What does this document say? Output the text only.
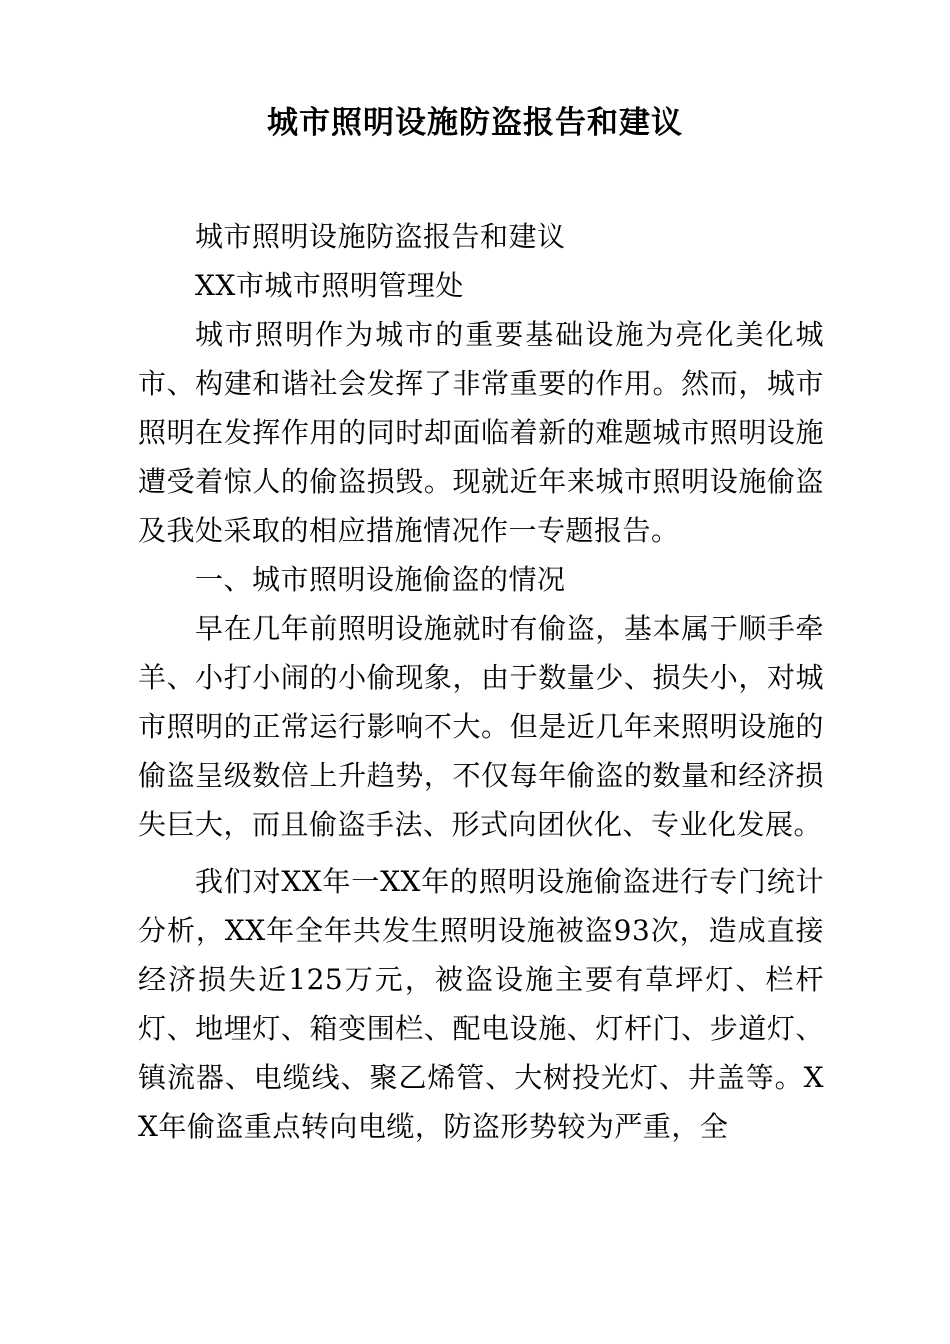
城市照明设施防盗报告和建议

城市照明设施防盗报告和建议

XX市城市照明管理处

城市照明作为城市的重要基础设施为亮化美化城市、构建和谐社会发挥了非常重要的作用。然而，城市照明在发挥作用的同时却面临着新的难题城市照明设施遭受着惊人的偷盗损毁。现就近年来城市照明设施偷盗及我处采取的相应措施情况作一专题报告。

一、城市照明设施偷盗的情况

早在几年前照明设施就时有偷盗，基本属于顺手牵羊、小打小闹的小偷现象，由于数量少、损失小，对城市照明的正常运行影响不大。但是近几年来照明设施的偷盗呈级数倍上升趋势，不仅每年偷盗的数量和经济损失巨大，而且偷盗手法、形式向团伙化、专业化发展。

我们对XX年一XX年的照明设施偷盗进行专门统计分析，XX年全年共发生照明设施被盗93次，造成直接经济损失近125万元，被盗设施主要有草坪灯、栏杆灯、地埋灯、箱变围栏、配电设施、灯杆门、步道灯、镇流器、电缆线、聚乙烯管、大树投光灯、井盖等。XX年偷盗重点转向电缆，防盗形势较为严重，全
